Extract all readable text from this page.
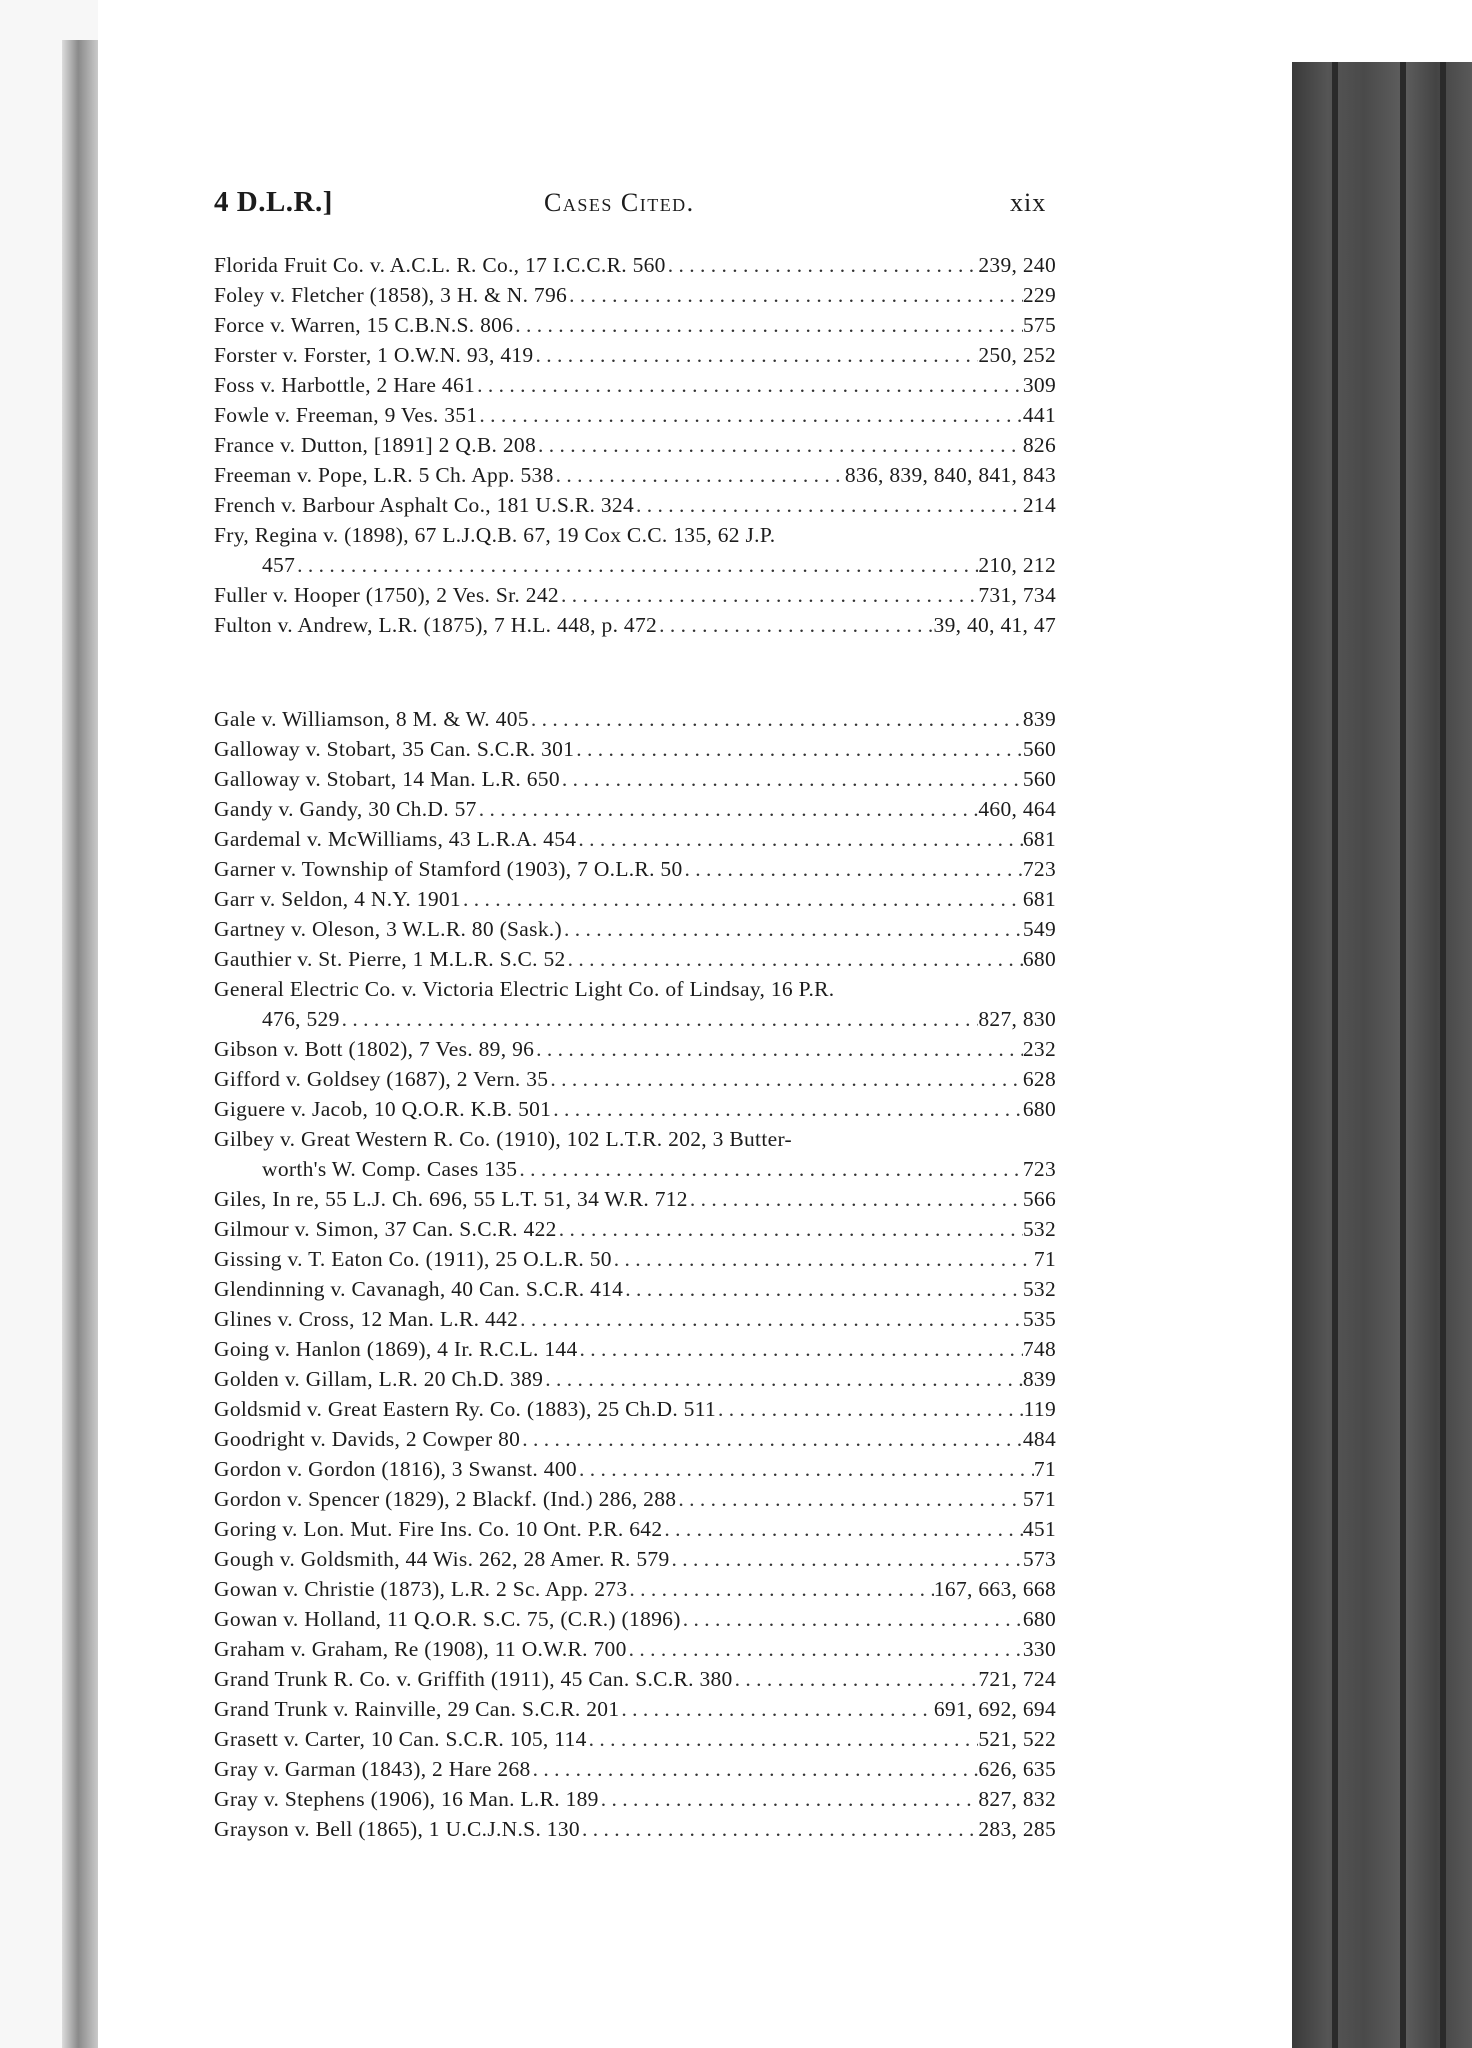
4 D.L.R.]	Cases Cited.	xix
Florida Fruit Co. v. A.C.L. R. Co., 17 I.C.C.R. 560 . . .	239, 240
Foley v. Fletcher (1858), 3 H. & N. 796 . . .	229
Force v. Warren, 15 C.B.N.S. 806 . . .	575
Forster v. Forster, 1 O.W.N. 93, 419 . . .	250, 252
Foss v. Harbottle, 2 Hare 461 . . .	309
Fowle v. Freeman, 9 Ves. 351 . . .	441
France v. Dutton, [1891] 2 Q.B. 208 . . .	826
Freeman v. Pope, L.R. 5 Ch. App. 538 . . .	836, 839, 840, 841, 843
French v. Barbour Asphalt Co., 181 U.S.R. 324 . . .	214
Fry, Regina v. (1898), 67 L.J.Q.B. 67, 19 Cox C.C. 135, 62 J.P.
457 . . .	210, 212
Fuller v. Hooper (1750), 2 Ves. Sr. 242 . . .	731, 734
Fulton v. Andrew, L.R. (1875), 7 H.L. 448, p. 472 . . .	39, 40, 41, 47
Gale v. Williamson, 8 M. & W. 405 . . .	839
Galloway v. Stobart, 35 Can. S.C.R. 301 . . .	560
Galloway v. Stobart, 14 Man. L.R. 650 . . .	560
Gandy v. Gandy, 30 Ch.D. 57 . . .	460, 464
Gardemal v. McWilliams, 43 L.R.A. 454 . . .	681
Garner v. Township of Stamford (1903), 7 O.L.R. 50 . . .	723
Garr v. Seldon, 4 N.Y. 1901 . . .	681
Gartney v. Oleson, 3 W.L.R. 80 (Sask.) . . .	549
Gauthier v. St. Pierre, 1 M.L.R. S.C. 52 . . .	680
General Electric Co. v. Victoria Electric Light Co. of Lindsay, 16 P.R.
476, 529 . . .	827, 830
Gibson v. Bott (1802), 7 Ves. 89, 96 . . .	232
Gifford v. Goldsey (1687), 2 Vern. 35 . . .	628
Giguere v. Jacob, 10 Q.O.R. K.B. 501 . . .	680
Gilbey v. Great Western R. Co. (1910), 102 L.T.R. 202, 3 Butter-
worth's W. Comp. Cases 135 . . .	723
Giles, In re, 55 L.J. Ch. 696, 55 L.T. 51, 34 W.R. 712 . . .	566
Gilmour v. Simon, 37 Can. S.C.R. 422 . . .	532
Gissing v. T. Eaton Co. (1911), 25 O.L.R. 50 . . .	71
Glendinning v. Cavanagh, 40 Can. S.C.R. 414 . . .	532
Glines v. Cross, 12 Man. L.R. 442 . . .	535
Going v. Hanlon (1869), 4 Ir. R.C.L. 144 . . .	748
Golden v. Gillam, L.R. 20 Ch.D. 389 . . .	839
Goldsmid v. Great Eastern Ry. Co. (1883), 25 Ch.D. 511 . . .	119
Goodright v. Davids, 2 Cowper 80 . . .	484
Gordon v. Gordon (1816), 3 Swanst. 400 . . .	71
Gordon v. Spencer (1829), 2 Blackf. (Ind.) 286, 288 . . .	571
Goring v. Lon. Mut. Fire Ins. Co. 10 Ont. P.R. 642 . . .	451
Gough v. Goldsmith, 44 Wis. 262, 28 Amer. R. 579 . . .	573
Gowan v. Christie (1873), L.R. 2 Sc. App. 273 . . .	167, 663, 668
Gowan v. Holland, 11 Q.O.R. S.C. 75, (C.R.) (1896) . . .	680
Graham v. Graham, Re (1908), 11 O.W.R. 700 . . .	330
Grand Trunk R. Co. v. Griffith (1911), 45 Can. S.C.R. 380 . . .	721, 724
Grand Trunk v. Rainville, 29 Can. S.C.R. 201 . . .	691, 692, 694
Grasett v. Carter, 10 Can. S.C.R. 105, 114 . . .	521, 522
Gray v. Garman (1843), 2 Hare 268 . . .	626, 635
Gray v. Stephens (1906), 16 Man. L.R. 189 . . .	827, 832
Grayson v. Bell (1865), 1 U.C.J.N.S. 130 . . .	283, 285
